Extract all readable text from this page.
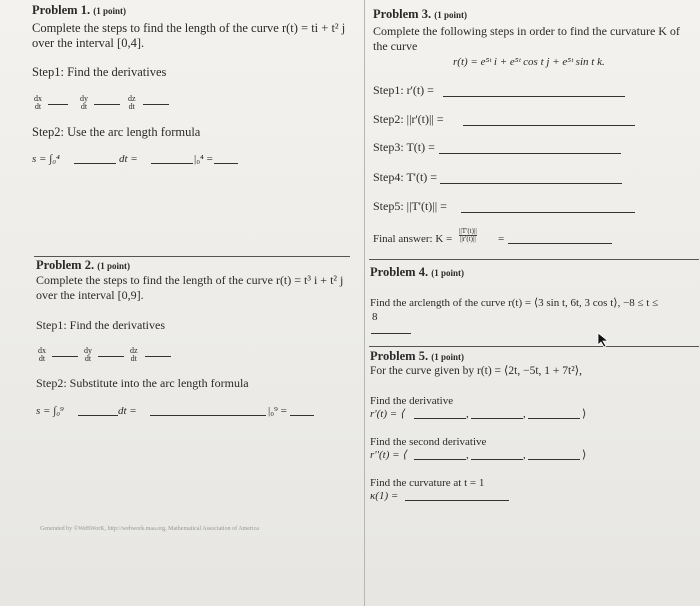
Problem 1. (1 point)
Complete the steps to find the length of the curve r(t) = ti + t² j
over the interval [0,4].
Step1: Find the derivatives
dx
dt
dy
dt
dz
dt
Step2: Use the arc length formula
s = ∫₀⁴	dt =	|₀⁴ =
Problem 2. (1 point)
Complete the steps to find the length of the curve r(t) = t³ i + t² j
over the interval [0,9].
Step1: Find the derivatives
dx
dt
dy
dt
dz
dt
Step2: Substitute into the arc length formula
s = ∫₀⁹	dt =	|₀⁹ =
Generated by ©WeBWorK, http://webwork.maa.org, Mathematical Association of America
Problem 3. (1 point)
Complete the following steps in order to find the curvature K of
the curve
r(t) = e⁵ᵗ i + e⁵ᵗ cos t j + e⁵ᵗ sin t k.
Step1: r'(t) =
Step2: ||r'(t)|| =
Step3: T(t) =
Step4: T'(t) =
Step5: ||T'(t)|| =
Final answer: $K = \frac{||T'(t)||}{||r'(t)||}$ =
Problem 4. (1 point)
Find the arclength of the curve r(t) = ⟨3 sin t, 6t, 3 cos t⟩, −8 ≤ t ≤
8
Problem 5. (1 point)
For the curve given by r(t) = ⟨2t, −5t, 1 + 7t²⟩,
Find the derivative
r'(t) = ⟨	,	,	⟩
Find the second derivative
r''(t) = ⟨	,	,	⟩
Find the curvature at t = 1
κ(1) =
